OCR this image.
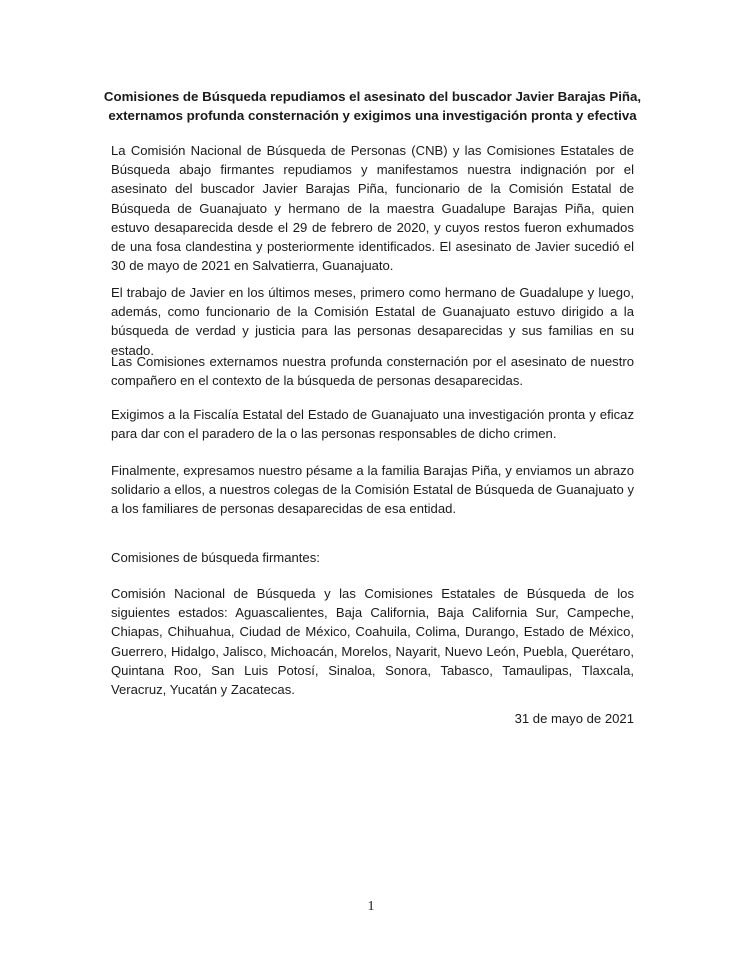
Comisiones de Búsqueda repudiamos el asesinato del buscador Javier Barajas Piña,
externamos profunda consternación y exigimos una investigación pronta y efectiva

La Comisión Nacional de Búsqueda de Personas (CNB) y las Comisiones Estatales de Búsqueda abajo firmantes repudiamos y manifestamos nuestra indignación por el asesinato del buscador Javier Barajas Piña, funcionario de la Comisión Estatal de Búsqueda de Guanajuato y hermano de la maestra Guadalupe Barajas Piña, quien estuvo desaparecida desde el 29 de febrero de 2020, y cuyos restos fueron exhumados de una fosa clandestina y posteriormente identificados. El asesinato de Javier sucedió el 30 de mayo de 2021 en Salvatierra, Guanajuato.

El trabajo de Javier en los últimos meses, primero como hermano de Guadalupe y luego, además, como funcionario de la Comisión Estatal de Guanajuato estuvo dirigido a la búsqueda de verdad y justicia para las personas desaparecidas y sus familias en su estado.

Las Comisiones externamos nuestra profunda consternación por el asesinato de nuestro compañero en el contexto de la búsqueda de personas desaparecidas.

Exigimos a la Fiscalía Estatal del Estado de Guanajuato una investigación pronta y eficaz para dar con el paradero de la o las personas responsables de dicho crimen.

Finalmente, expresamos nuestro pésame a la familia Barajas Piña, y enviamos un abrazo solidario a ellos, a nuestros colegas de la Comisión Estatal de Búsqueda de Guanajuato y a los familiares de personas desaparecidas de esa entidad.

Comisiones de búsqueda firmantes:

Comisión Nacional de Búsqueda y las Comisiones Estatales de Búsqueda de los siguientes estados: Aguascalientes, Baja California, Baja California Sur, Campeche, Chiapas, Chihuahua, Ciudad de México, Coahuila, Colima, Durango, Estado de México, Guerrero, Hidalgo, Jalisco, Michoacán, Morelos, Nayarit, Nuevo León, Puebla, Querétaro, Quintana Roo, San Luis Potosí, Sinaloa, Sonora, Tabasco, Tamaulipas, Tlaxcala, Veracruz, Yucatán y Zacatecas.

31 de mayo de 2021

1
